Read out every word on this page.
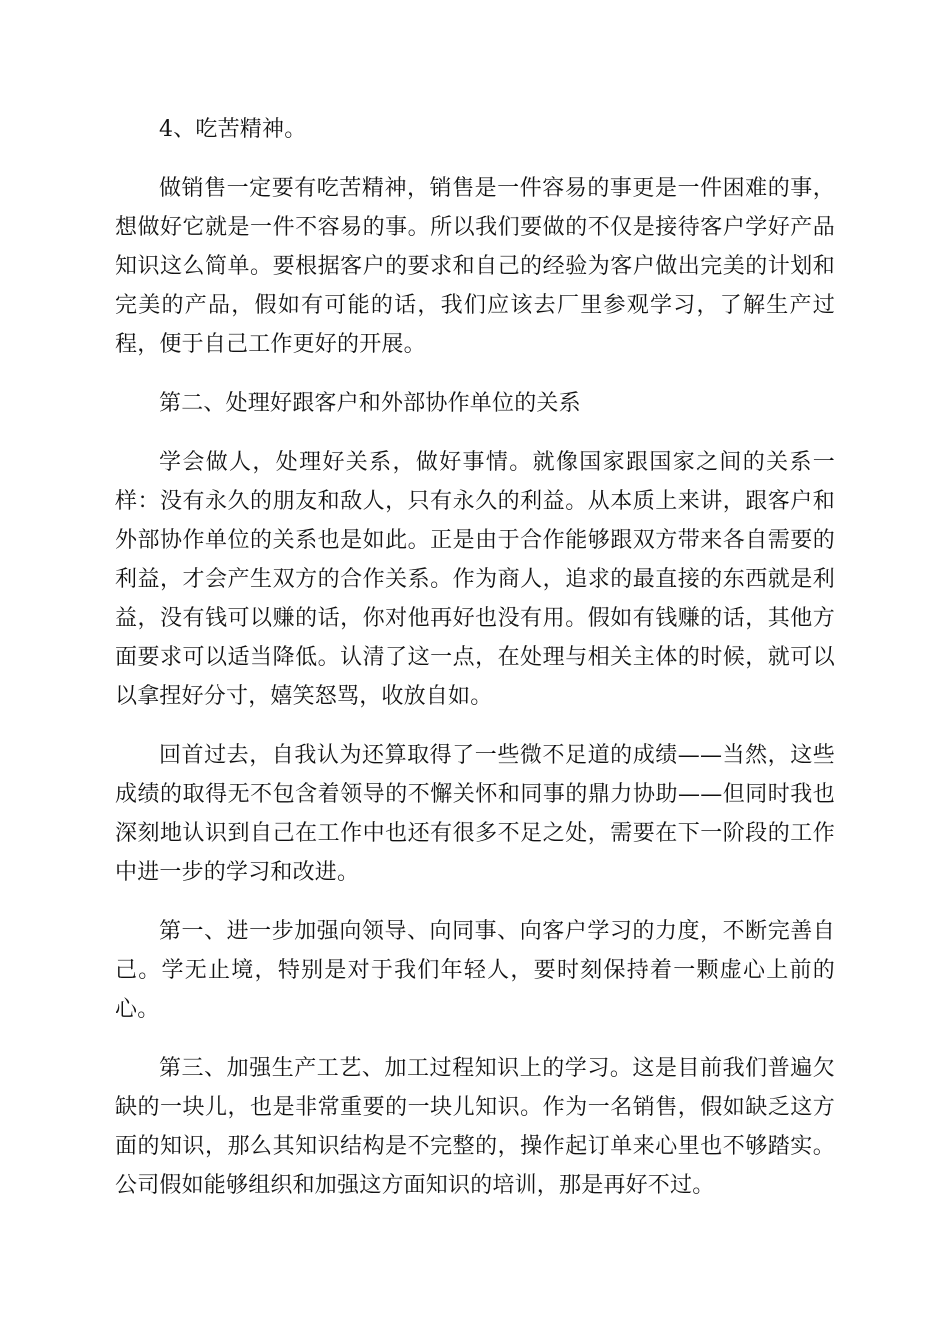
4、吃苦精神。

做销售一定要有吃苦精神，销售是一件容易的事更是一件困难的事，想做好它就是一件不容易的事。所以我们要做的不仅是接待客户学好产品知识这么简单。要根据客户的要求和自己的经验为客户做出完美的计划和完美的产品，假如有可能的话，我们应该去厂里参观学习，了解生产过程，便于自己工作更好的开展。

第二、处理好跟客户和外部协作单位的关系

学会做人，处理好关系，做好事情。就像国家跟国家之间的关系一样：没有永久的朋友和敌人，只有永久的利益。从本质上来讲，跟客户和外部协作单位的关系也是如此。正是由于合作能够跟双方带来各自需要的利益，才会产生双方的合作关系。作为商人，追求的最直接的东西就是利益，没有钱可以赚的话，你对他再好也没有用。假如有钱赚的话，其他方面要求可以适当降低。认清了这一点，在处理与相关主体的时候，就可以以拿捏好分寸，嬉笑怒骂，收放自如。

回首过去，自我认为还算取得了一些微不足道的成绩——当然，这些成绩的取得无不包含着领导的不懈关怀和同事的鼎力协助——但同时我也深刻地认识到自己在工作中也还有很多不足之处，需要在下一阶段的工作中进一步的学习和改进。

第一、进一步加强向领导、向同事、向客户学习的力度，不断完善自己。学无止境，特别是对于我们年轻人，要时刻保持着一颗虚心上前的心。

第三、加强生产工艺、加工过程知识上的学习。这是目前我们普遍欠缺的一块儿，也是非常重要的一块儿知识。作为一名销售，假如缺乏这方面的知识，那么其知识结构是不完整的，操作起订单来心里也不够踏实。公司假如能够组织和加强这方面知识的培训，那是再好不过。
